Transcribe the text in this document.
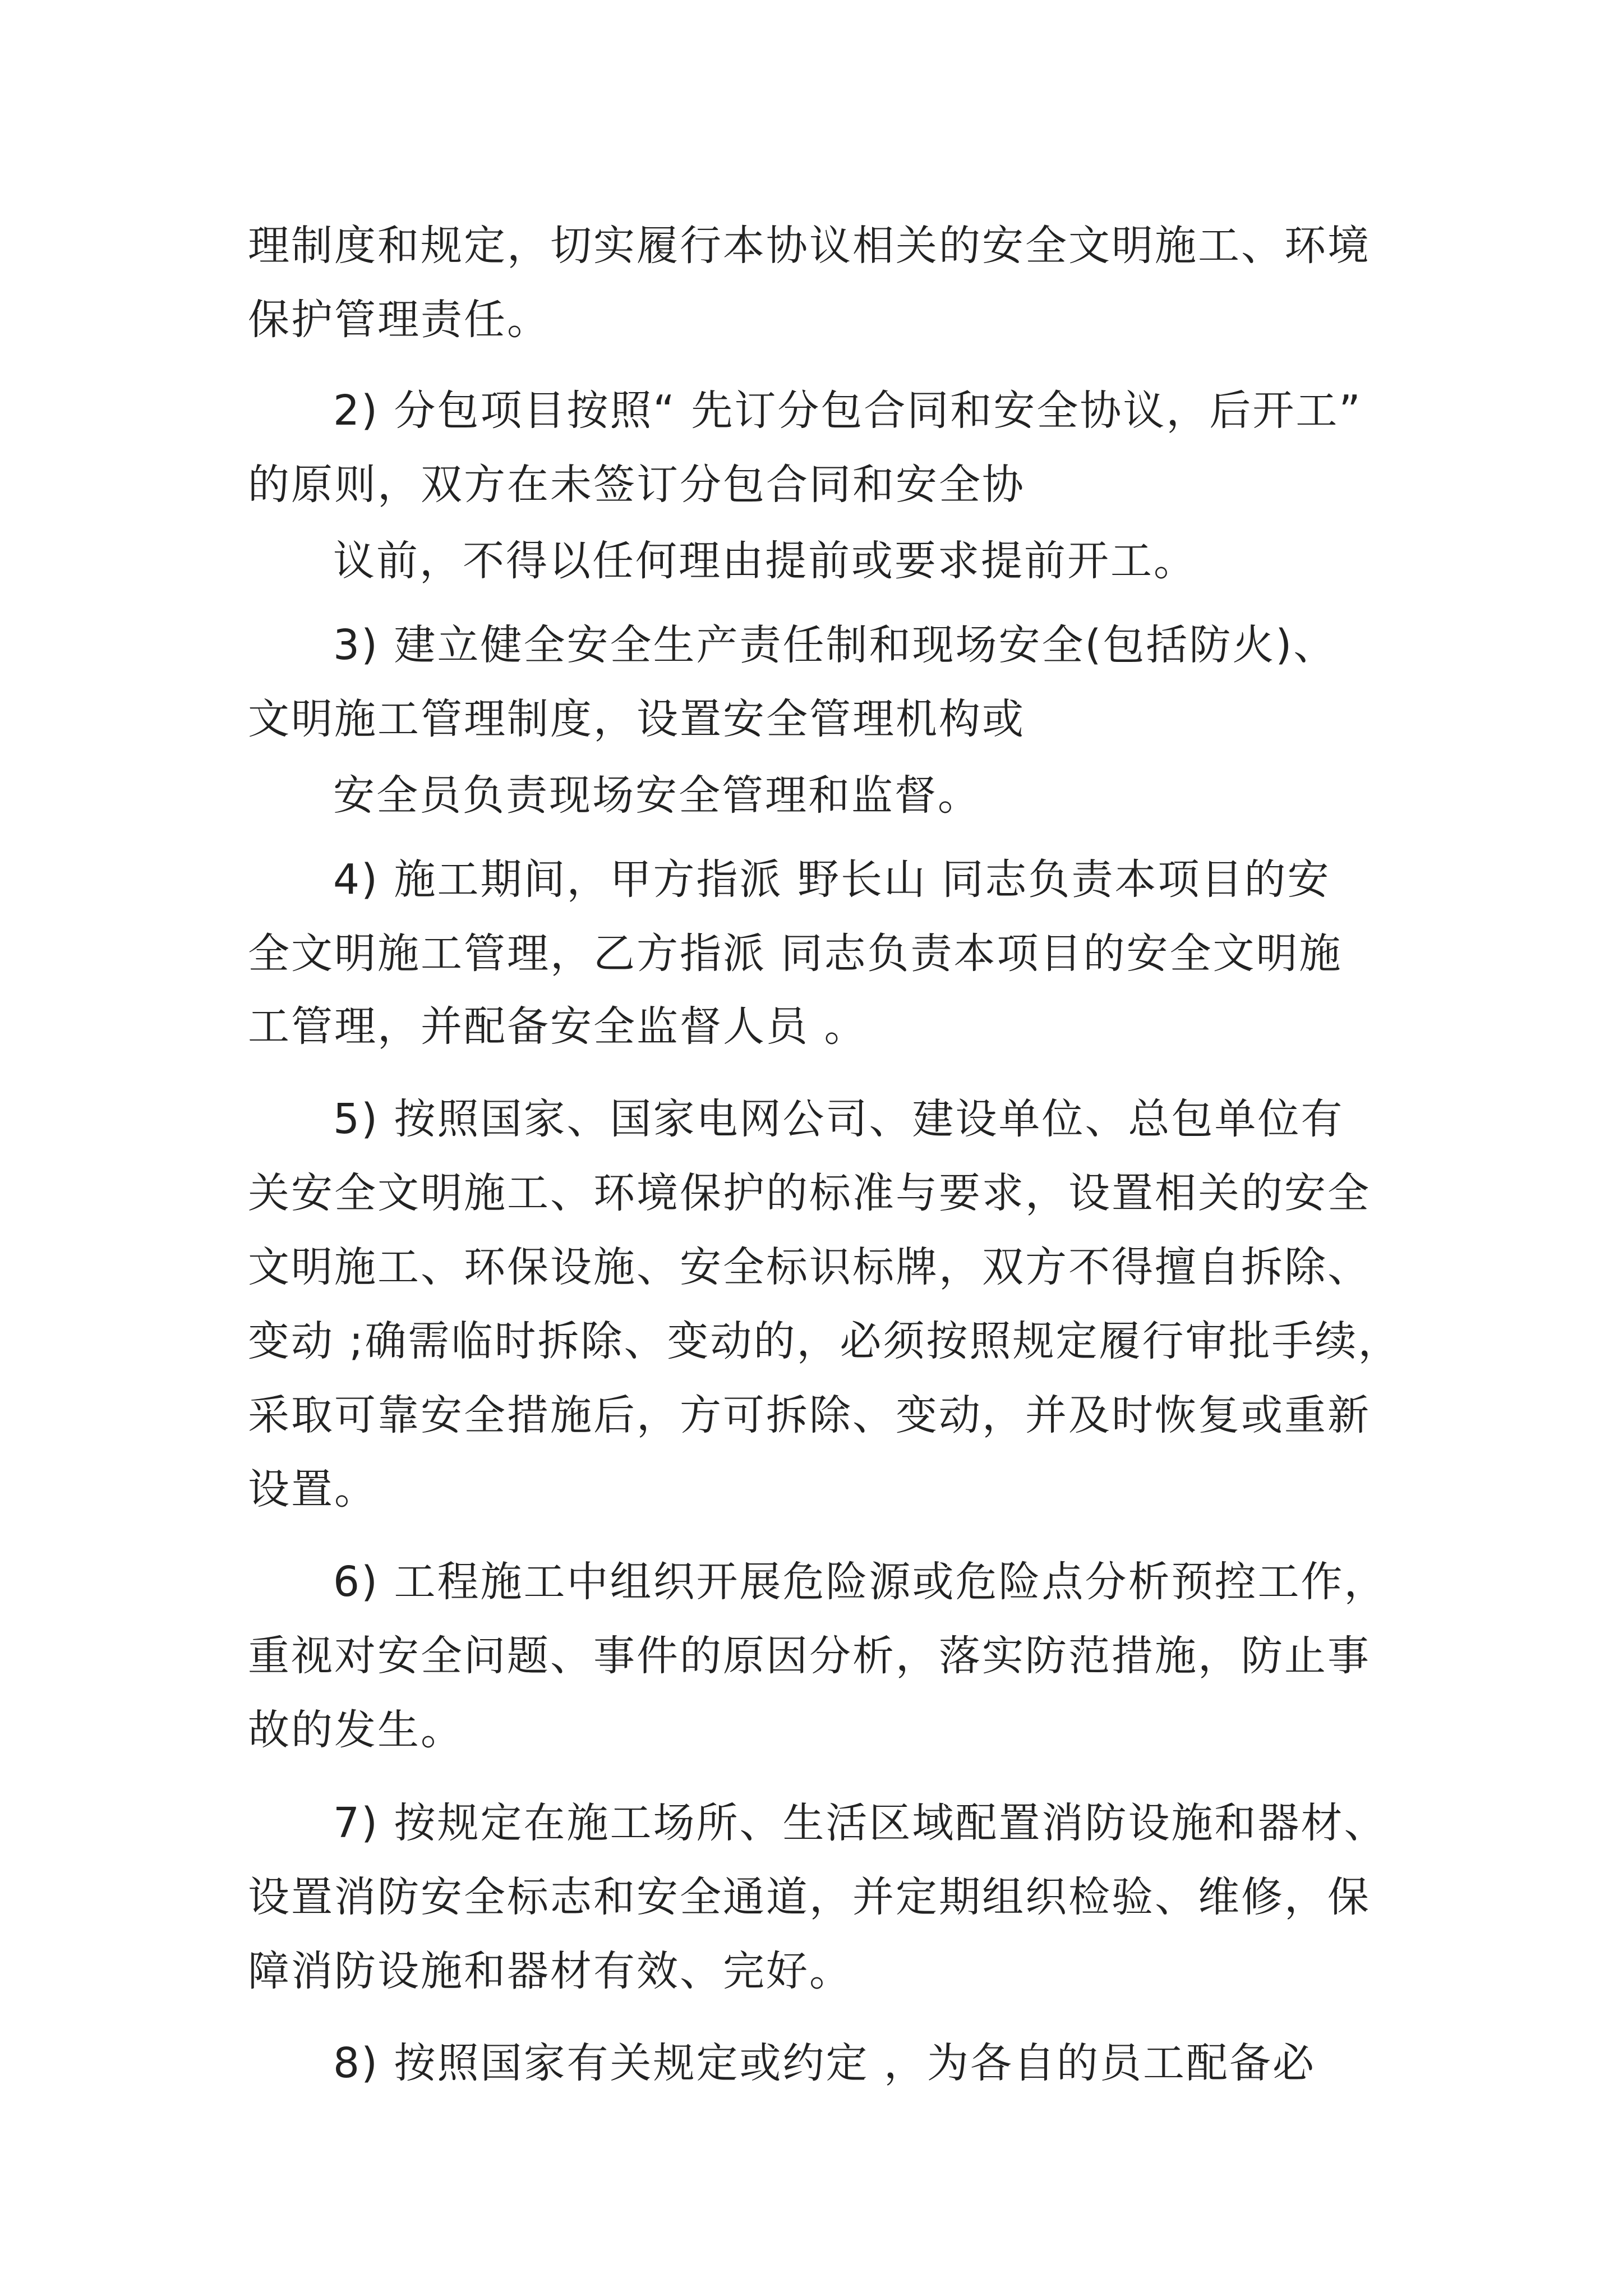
理制度和规定，切实履行本协议相关的安全文明施工、环境
保护管理责任。
2) 分包项目按照“ 先订分包合同和安全协议，后开工”
的原则，双方在未签订分包合同和安全协
议前，不得以任何理由提前或要求提前开工。
3) 建立健全安全生产责任制和现场安全(包括防火)、
文明施工管理制度，设置安全管理机构或
安全员负责现场安全管理和监督。
4) 施工期间，甲方指派 野长山 同志负责本项目的安
全文明施工管理，乙方指派 同志负责本项目的安全文明施
工管理，并配备安全监督人员 。
5) 按照国家、国家电网公司、建设单位、总包单位有
关安全文明施工、环境保护的标准与要求，设置相关的安全
文明施工、环保设施、安全标识标牌，双方不得擅自拆除、
变动 ;确需临时拆除、变动的，必须按照规定履行审批手续，
采取可靠安全措施后，方可拆除、变动，并及时恢复或重新
设置。
6) 工程施工中组织开展危险源或危险点分析预控工作，
重视对安全问题、事件的原因分析，落实防范措施，防止事
故的发生。
7) 按规定在施工场所、生活区域配置消防设施和器材、
设置消防安全标志和安全通道，并定期组织检验、维修，保
障消防设施和器材有效、完好。
8) 按照国家有关规定或约定 ，为各自的员工配备必
